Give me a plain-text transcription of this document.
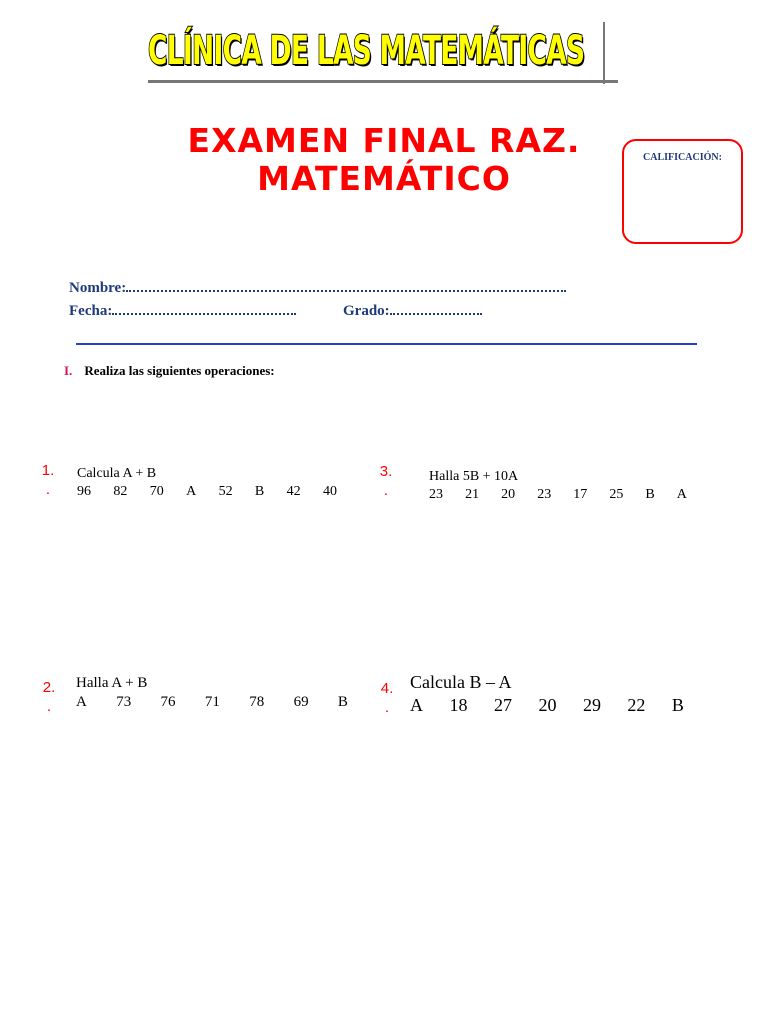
CLÍNICA DE LAS MATEMÁTICAS
EXAMEN FINAL RAZ. MATEMÁTICO
CALIFICACIÓN:
Nombre:
Fecha:	Grado:
I. Realiza las siguientes operaciones:
1.
.
2.
.
3.
.
4.
.
Calcula A + B
96 82 70 A 52 B 42 40
Halla A + B
A 73 76 71 78 69 B
Halla 5B + 10A
23 21 20 23 17 25 B A
Calcula B – A
A 18 27 20 29 22 B
